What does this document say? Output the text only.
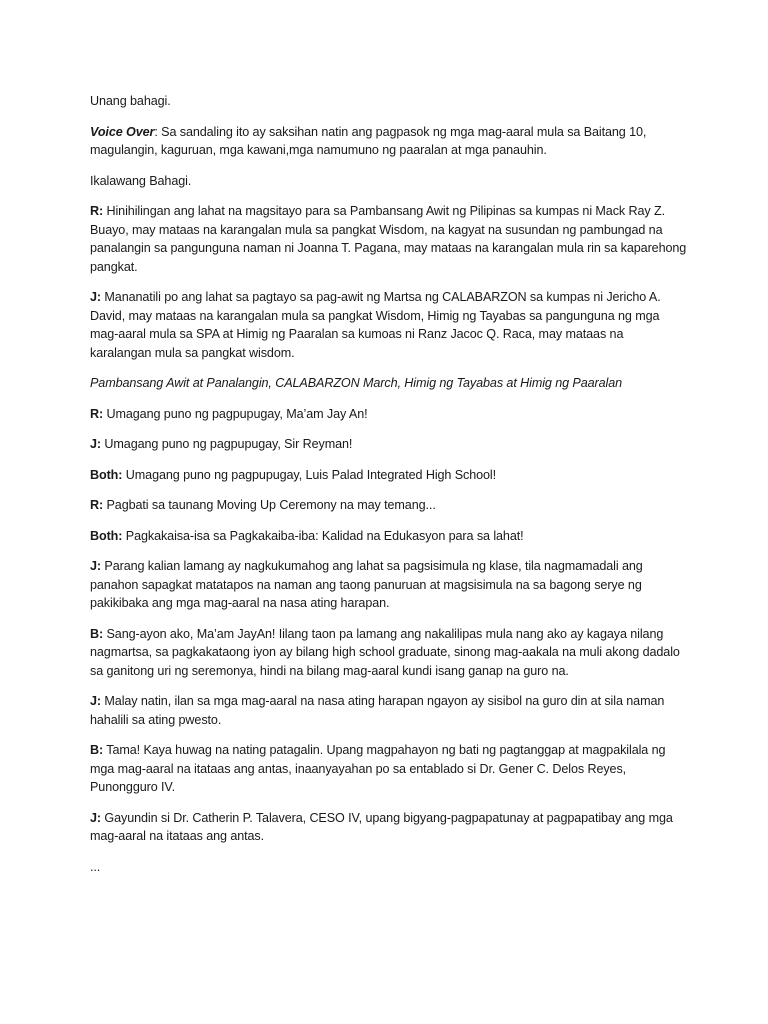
Unang bahagi.

Voice Over: Sa sandaling ito ay saksihan natin ang pagpasok ng mga mag-aaral mula sa Baitang 10, magulangin, kaguruan, mga kawani,mga namumuno ng paaralan at mga panauhin.

Ikalawang Bahagi.

R: Hinihilingan ang lahat na magsitayo para sa Pambansang Awit ng Pilipinas sa kumpas ni Mack Ray Z. Buayo, may mataas na karangalan mula sa pangkat Wisdom, na kagyat na susundan ng pambungad na panalangin sa pangunguna naman ni Joanna T. Pagana, may mataas na karangalan mula rin sa kaparehong pangkat.

J: Mananatili po ang lahat sa pagtayo sa pag-awit ng Martsa ng CALABARZON sa kumpas ni Jericho A. David, may mataas na karangalan mula sa pangkat Wisdom, Himig ng Tayabas sa pangunguna ng mga mag-aaral mula sa SPA at Himig ng Paaralan sa kumoas ni Ranz Jacoc Q. Raca, may mataas na karalangan mula sa pangkat wisdom.

Pambansang Awit at Panalangin, CALABARZON March, Himig ng Tayabas at Himig ng Paaralan

R: Umagang puno ng pagpupugay, Ma’am Jay An!

J: Umagang puno ng pagpupugay, Sir Reyman!

Both: Umagang puno ng pagpupugay, Luis Palad Integrated High School!

R: Pagbati sa taunang Moving Up Ceremony na may temang...

Both: Pagkakaisa-isa sa Pagkakaiba-iba: Kalidad na Edukasyon para sa lahat!

J: Parang kalian lamang ay nagkukumahog ang lahat sa pagsisimula ng klase, tila nagmamadali ang panahon sapagkat matatapos na naman ang taong panuruan at magsisimula na sa bagong serye ng pakikibaka ang mga mag-aaral na nasa ating harapan.

B: Sang-ayon ako, Ma’am JayAn! Iilang taon pa lamang ang nakalilipas mula nang ako ay kagaya nilang nagmartsa, sa pagkakataong iyon ay bilang high school graduate, sinong mag-aakala na muli akong dadalo sa ganitong uri ng seremonya, hindi na bilang mag-aaral kundi isang ganap na guro na.

J: Malay natin, ilan sa mga mag-aaral na nasa ating harapan ngayon ay sisibol na guro din at sila naman hahalili sa ating pwesto.

B: Tama! Kaya huwag na nating patagalin. Upang magpahayon ng bati ng pagtanggap at magpakilala ng mga mag-aaral na itataas ang antas, inaanyayahan po sa entablado si Dr. Gener C. Delos Reyes, Punongguro IV.

J: Gayundin si Dr. Catherin P. Talavera, CESO IV, upang bigyang-pagpapatunay at pagpapatibay ang mga mag-aaral na itataas ang antas.

...
